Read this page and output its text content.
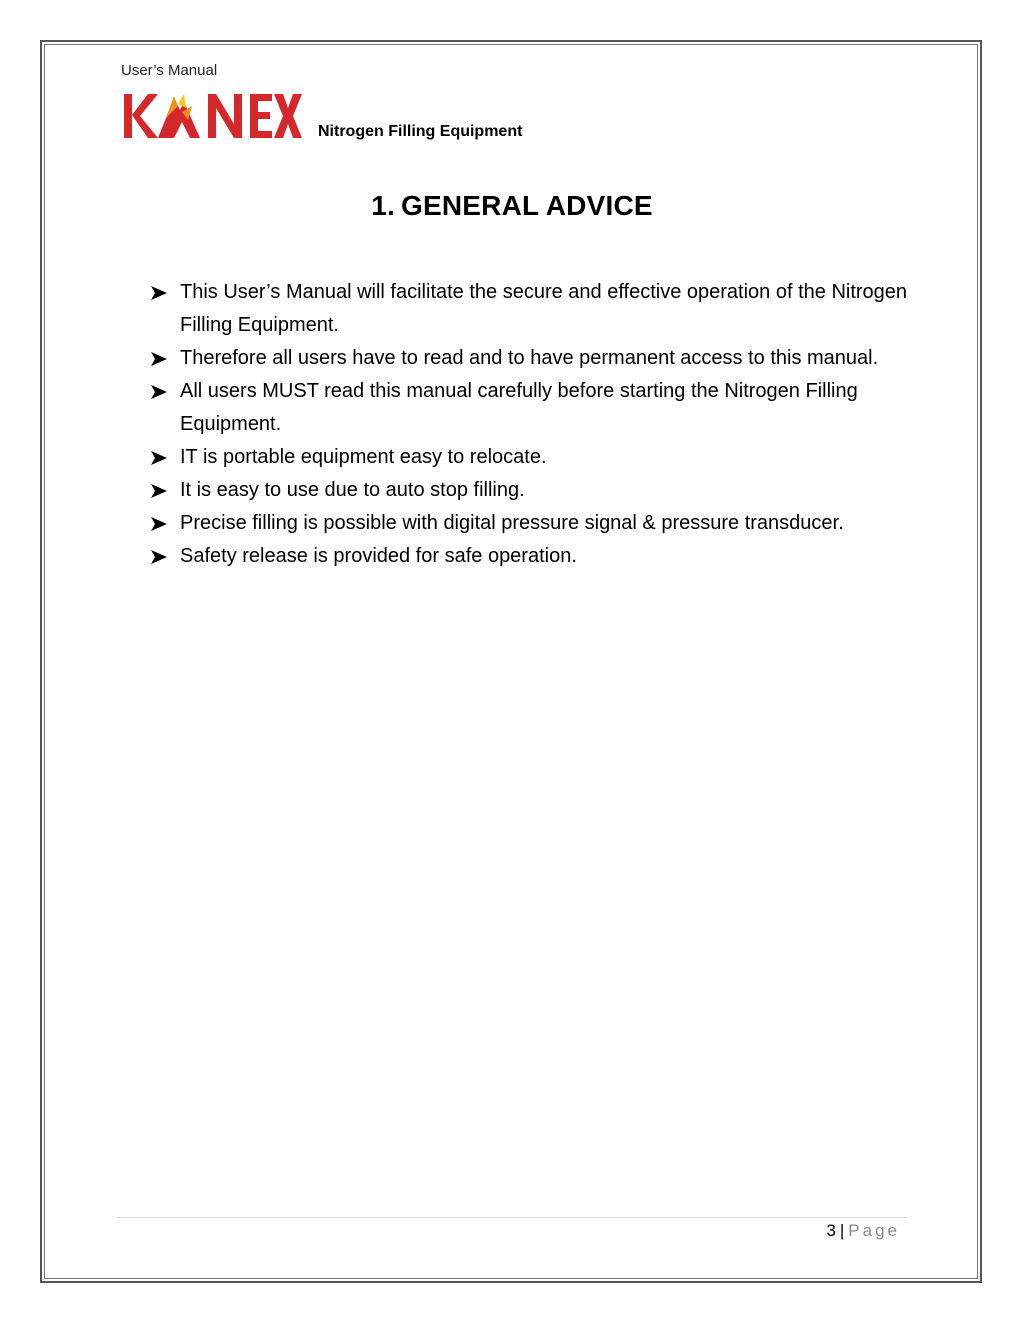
User’s Manual
Nitrogen Filling Equipment
1. GENERAL ADVICE
This User’s Manual will facilitate the secure and effective operation of the Nitrogen Filling Equipment.
Therefore all users have to read and to have permanent access to this manual.
All users MUST read this manual carefully before starting the Nitrogen Filling Equipment.
IT is portable equipment easy to relocate.
It is easy to use due to auto stop filling.
Precise filling is possible with digital pressure signal & pressure transducer.
Safety release is provided for safe operation.
3 | Page
